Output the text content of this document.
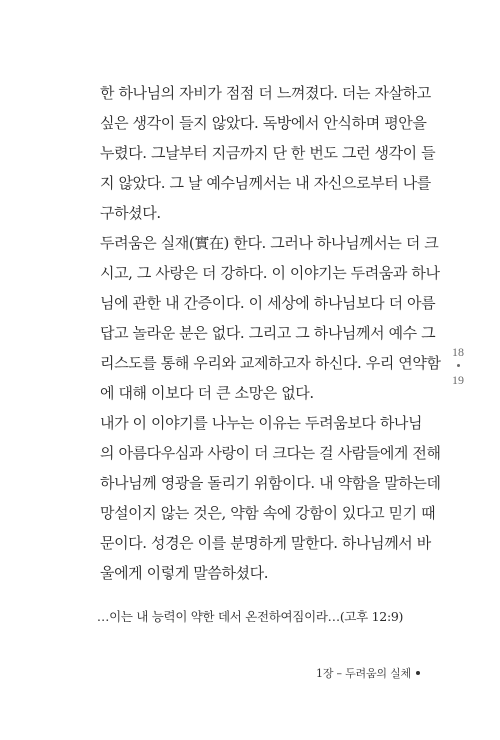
한 하나님의 자비가 점점 더 느껴졌다. 더는 자살하고
싶은 생각이 들지 않았다. 독방에서 안식하며 평안을
누렸다. 그날부터 지금까지 단 한 번도 그런 생각이 들
지 않았다. 그 날 예수님께서는 내 자신으로부터 나를
구하셨다.
두려움은 실재(實在) 한다. 그러나 하나님께서는 더 크
시고, 그 사랑은 더 강하다. 이 이야기는 두려움과 하나
님에 관한 내 간증이다. 이 세상에 하나님보다 더 아름
답고 놀라운 분은 없다. 그리고 그 하나님께서 예수 그
리스도를 통해 우리와 교제하고자 하신다. 우리 연약함
에 대해 이보다 더 큰 소망은 없다.
내가 이 이야기를 나누는 이유는 두려움보다 하나님
의 아름다우심과 사랑이 더 크다는 걸 사람들에게 전해
하나님께 영광을 돌리기 위함이다. 내 약함을 말하는데
망설이지 않는 것은, 약함 속에 강함이 있다고 믿기 때
문이다. 성경은 이를 분명하게 말한다. 하나님께서 바
울에게 이렇게 말씀하셨다.
…이는 내 능력이 약한 데서 온전하여짐이라…(고후 12:9)
18
19
1장 – 두려움의 실체
